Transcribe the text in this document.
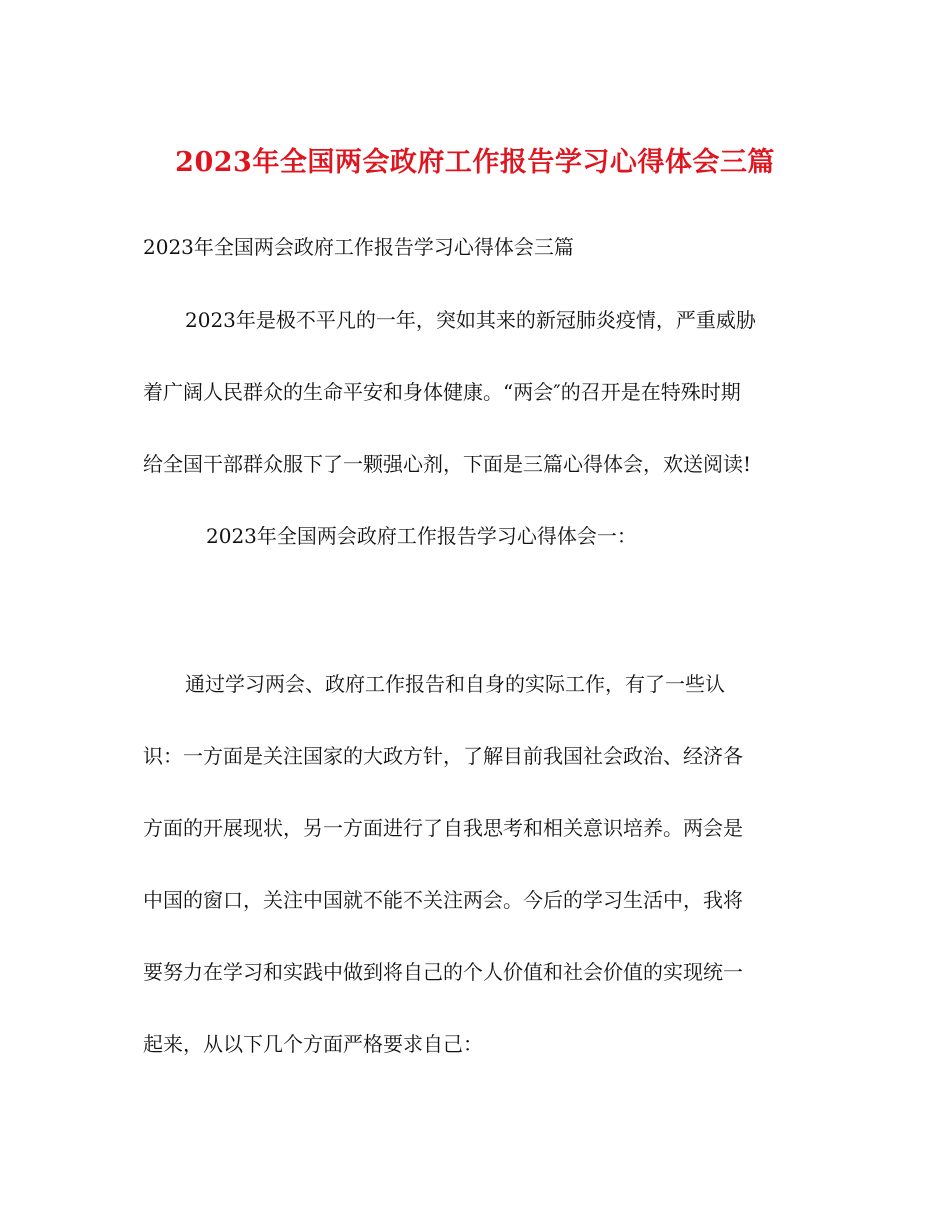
2023年全国两会政府工作报告学习心得体会三篇
2023年全国两会政府工作报告学习心得体会三篇
2023年是极不平凡的一年，突如其来的新冠肺炎疫情，严重威胁
着广阔人民群众的生命平安和身体健康。“两会″的召开是在特殊时期
给全国干部群众服下了一颗强心剂，下面是三篇心得体会，欢送阅读!
2023年全国两会政府工作报告学习心得体会一：
通过学习两会、政府工作报告和自身的实际工作，有了一些认
识：一方面是关注国家的大政方针，了解目前我国社会政治、经济各
方面的开展现状，另一方面进行了自我思考和相关意识培养。两会是
中国的窗口，关注中国就不能不关注两会。今后的学习生活中，我将
要努力在学习和实践中做到将自己的个人价值和社会价值的实现统一
起来，从以下几个方面严格要求自己：
